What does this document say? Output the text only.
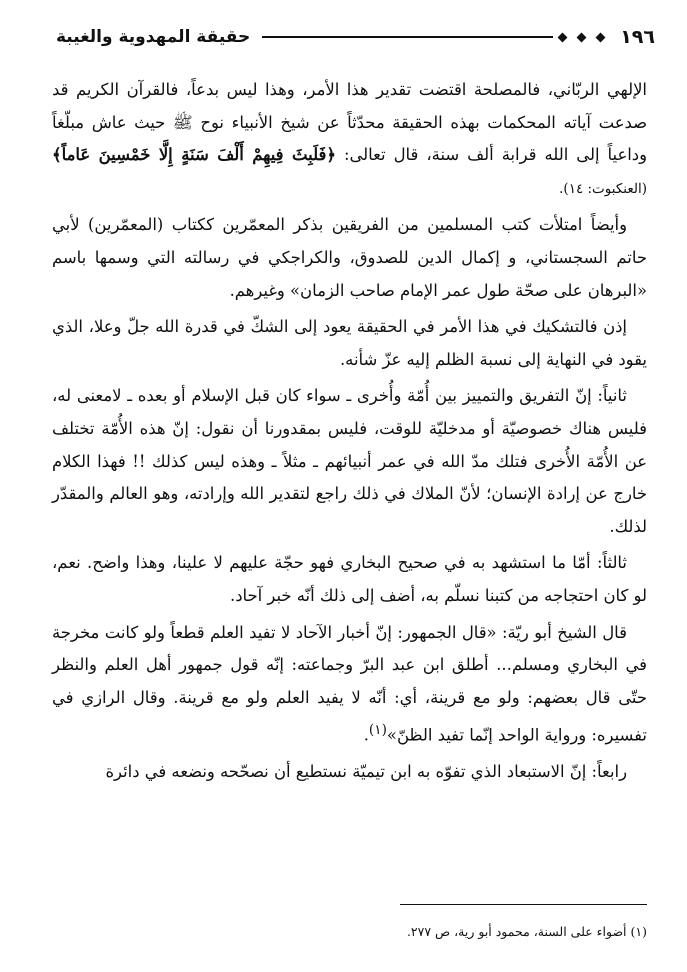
١٩٦
حقيقة المهدوية والغيبة

الإلهي الربّاني، فالمصلحة اقتضت تقدير هذا الأمر، وهذا ليس بدعاً، فالقرآن الكريم قد صدعت آياته المحكمات بهذه الحقيقة محدّثاً عن شيخ الأنبياء نوح ﷺ حيث عاش مبلّغاً وداعياً إلى الله قرابة ألف سنة، قال تعالى: ﴿فَلَبِثَ فِيهِمْ أَلْفَ سَنَةٍ إِلَّا خَمْسِينَ عَاماً﴾ (العنكبوت: ١٤).

وأيضاً امتلأت كتب المسلمين من الفريقين بذكر المعمّرين ككتاب (المعمّرين) لأبي حاتم السجستاني، و إكمال الدين للصدوق، والكراجكي في رسالته التي وسمها باسم «البرهان على صحّة طول عمر الإمام صاحب الزمان» وغيرهم.

إذن فالتشكيك في هذا الأمر في الحقيقة يعود إلى الشكّ في قدرة الله جلّ وعلا، الذي يقود في النهاية إلى نسبة الظلم إليه عزّ شأنه.

ثانياً: إنّ التفريق والتمييز بين أُمّة وأُخرى ـ سواء كان قبل الإسلام أو بعده ـ لامعنى له، فليس هناك خصوصيّة أو مدخليّة للوقت، فليس بمقدورنا أن نقول: إنّ هذه الأُمّة تختلف عن الأُمّة الأُخرى فتلك مدّ الله في عمر أنبيائهم ـ مثلاً ـ وهذه ليس كذلك !! فهذا الكلام خارج عن إرادة الإنسان؛ لأنّ الملاك في ذلك راجع لتقدير الله وإرادته، وهو العالم والمقدّر لذلك.

ثالثاً: أمّا ما استشهد به في صحيح البخاري فهو حجّة عليهم لا علينا، وهذا واضح. نعم، لو كان احتجاجه من كتبنا نسلّم به، أضف إلى ذلك أنّه خبر آحاد.

قال الشيخ أبو ريّة: «قال الجمهور: إنّ أخبار الآحاد لا تفيد العلم قطعاً ولو كانت مخرجة في البخاري ومسلم... أطلق ابن عبد البرّ وجماعته: إنّه قول جمهور أهل العلم والنظر حتّى قال بعضهم: ولو مع قرينة، أي: أنّه لا يفيد العلم ولو مع قرينة. وقال الرازي في تفسيره: ورواية الواحد إنّما تفيد الظنّ»$^{(١)}$.

رابعاً: إنّ الاستبعاد الذي تفوّه به ابن تيميّة نستطيع أن نصحّحه ونضعه في دائرة

(١) أضواء على السنة، محمود أبو رية، ص ٢٧٧.
